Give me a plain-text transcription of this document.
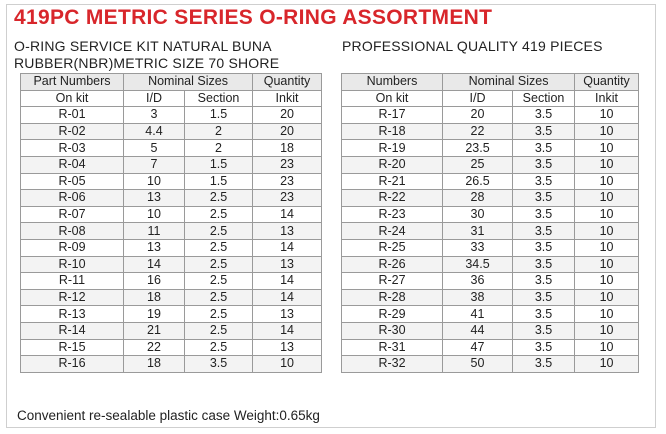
419PC METRIC SERIES O-RING ASSORTMENT
O-RING SERVICE KIT NATURAL BUNA
RUBBER(NBR)METRIC SIZE 70 SHORE
PROFESSIONAL QUALITY 419 PIECES
Part Numbers	Nominal Sizes		Quantity
On kit	I/D	Section	Inkit
R-01	3	1.5	20
R-02	4.4	2	20
R-03	5	2	18
R-04	7	1.5	23
R-05	10	1.5	23
R-06	13	2.5	23
R-07	10	2.5	14
R-08	11	2.5	13
R-09	13	2.5	14
R-10	14	2.5	13
R-11	16	2.5	14
R-12	18	2.5	14
R-13	19	2.5	13
R-14	21	2.5	14
R-15	22	2.5	13
R-16	18	3.5	10
Numbers	Nominal Sizes		Quantity
On kit	I/D	Section	Inkit
R-17	20	3.5	10
R-18	22	3.5	10
R-19	23.5	3.5	10
R-20	25	3.5	10
R-21	26.5	3.5	10
R-22	28	3.5	10
R-23	30	3.5	10
R-24	31	3.5	10
R-25	33	3.5	10
R-26	34.5	3.5	10
R-27	36	3.5	10
R-28	38	3.5	10
R-29	41	3.5	10
R-30	44	3.5	10
R-31	47	3.5	10
R-32	50	3.5	10
Convenient re-sealable plastic case Weight:0.65kg
